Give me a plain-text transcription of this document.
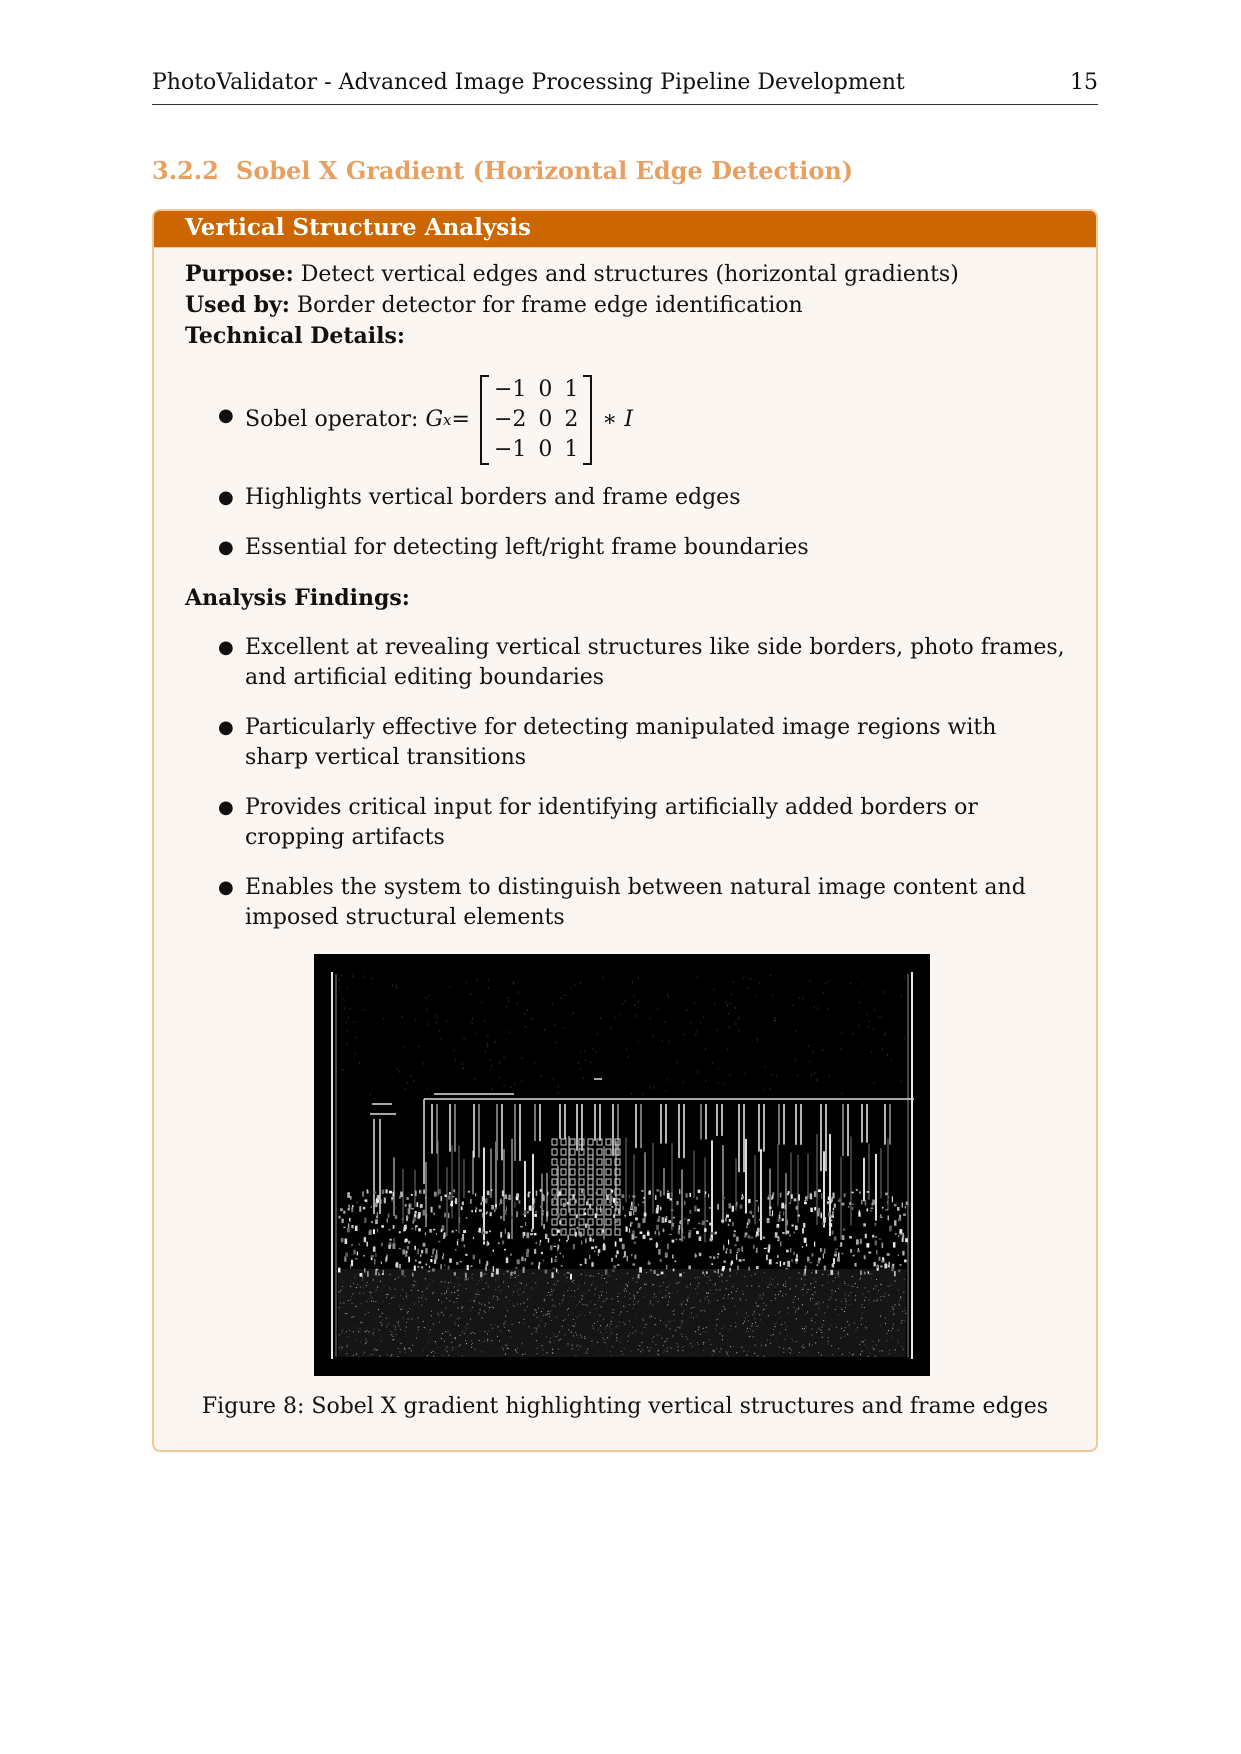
PhotoValidator - Advanced Image Processing Pipeline Development	15
3.2.2 Sobel X Gradient (Horizontal Edge Detection)
Vertical Structure Analysis

Purpose: Detect vertical edges and structures (horizontal gradients)

Used by: Border detector for frame edge identification

Technical Details:

● Sobel operator:
G x =
−1	0	1
−2	0	2
−1	0	1
∗ I
● Highlights vertical borders and frame edges
● Essential for detecting left/right frame boundaries

Analysis Findings:

● Excellent at revealing vertical structures like side borders, photo frames, and artificial editing boundaries
● Particularly effective for detecting manipulated image regions with sharp vertical transitions
● Provides critical input for identifying artificially added borders or cropping artifacts
● Enables the system to distinguish between natural image content and imposed structural elements
Figure 8: Sobel X gradient highlighting vertical structures and frame edges
